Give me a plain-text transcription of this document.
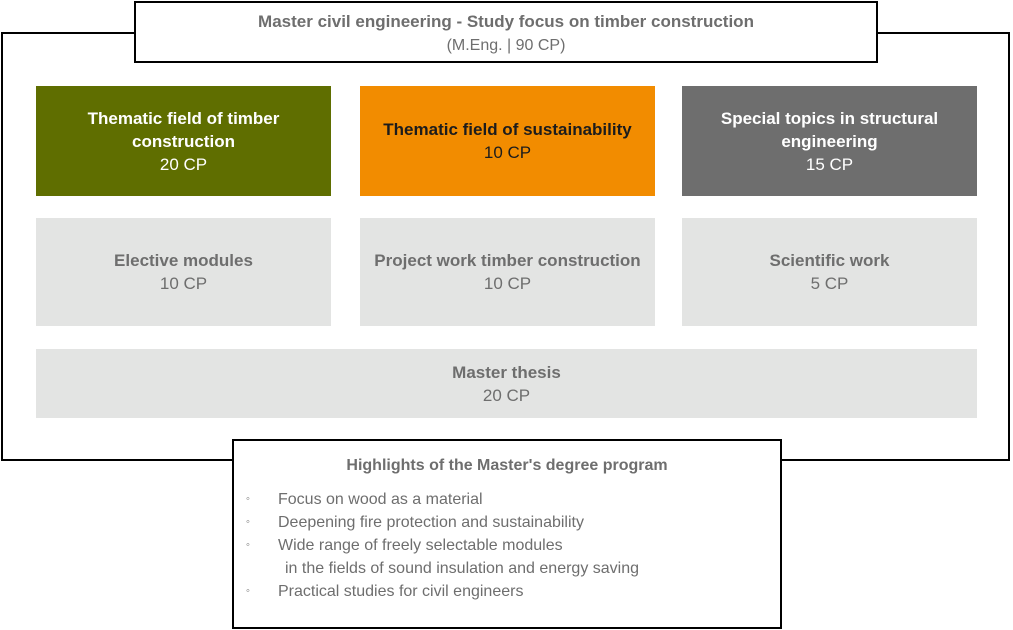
Master civil engineering - Study focus on timber construction
(M.Eng. | 90 CP)
Thematic field of timber construction
20 CP
Thematic field of sustainability
10 CP
Special topics in structural engineering
15 CP
Elective modules
10 CP
Project work timber construction
10 CP
Scientific work
5 CP
Master thesis
20 CP
Highlights of the Master's degree program
◦ Focus on wood as a material
◦ Deepening fire protection and sustainability
◦ Wide range of freely selectable modules
in the fields of sound insulation and energy saving
◦ Practical studies for civil engineers
